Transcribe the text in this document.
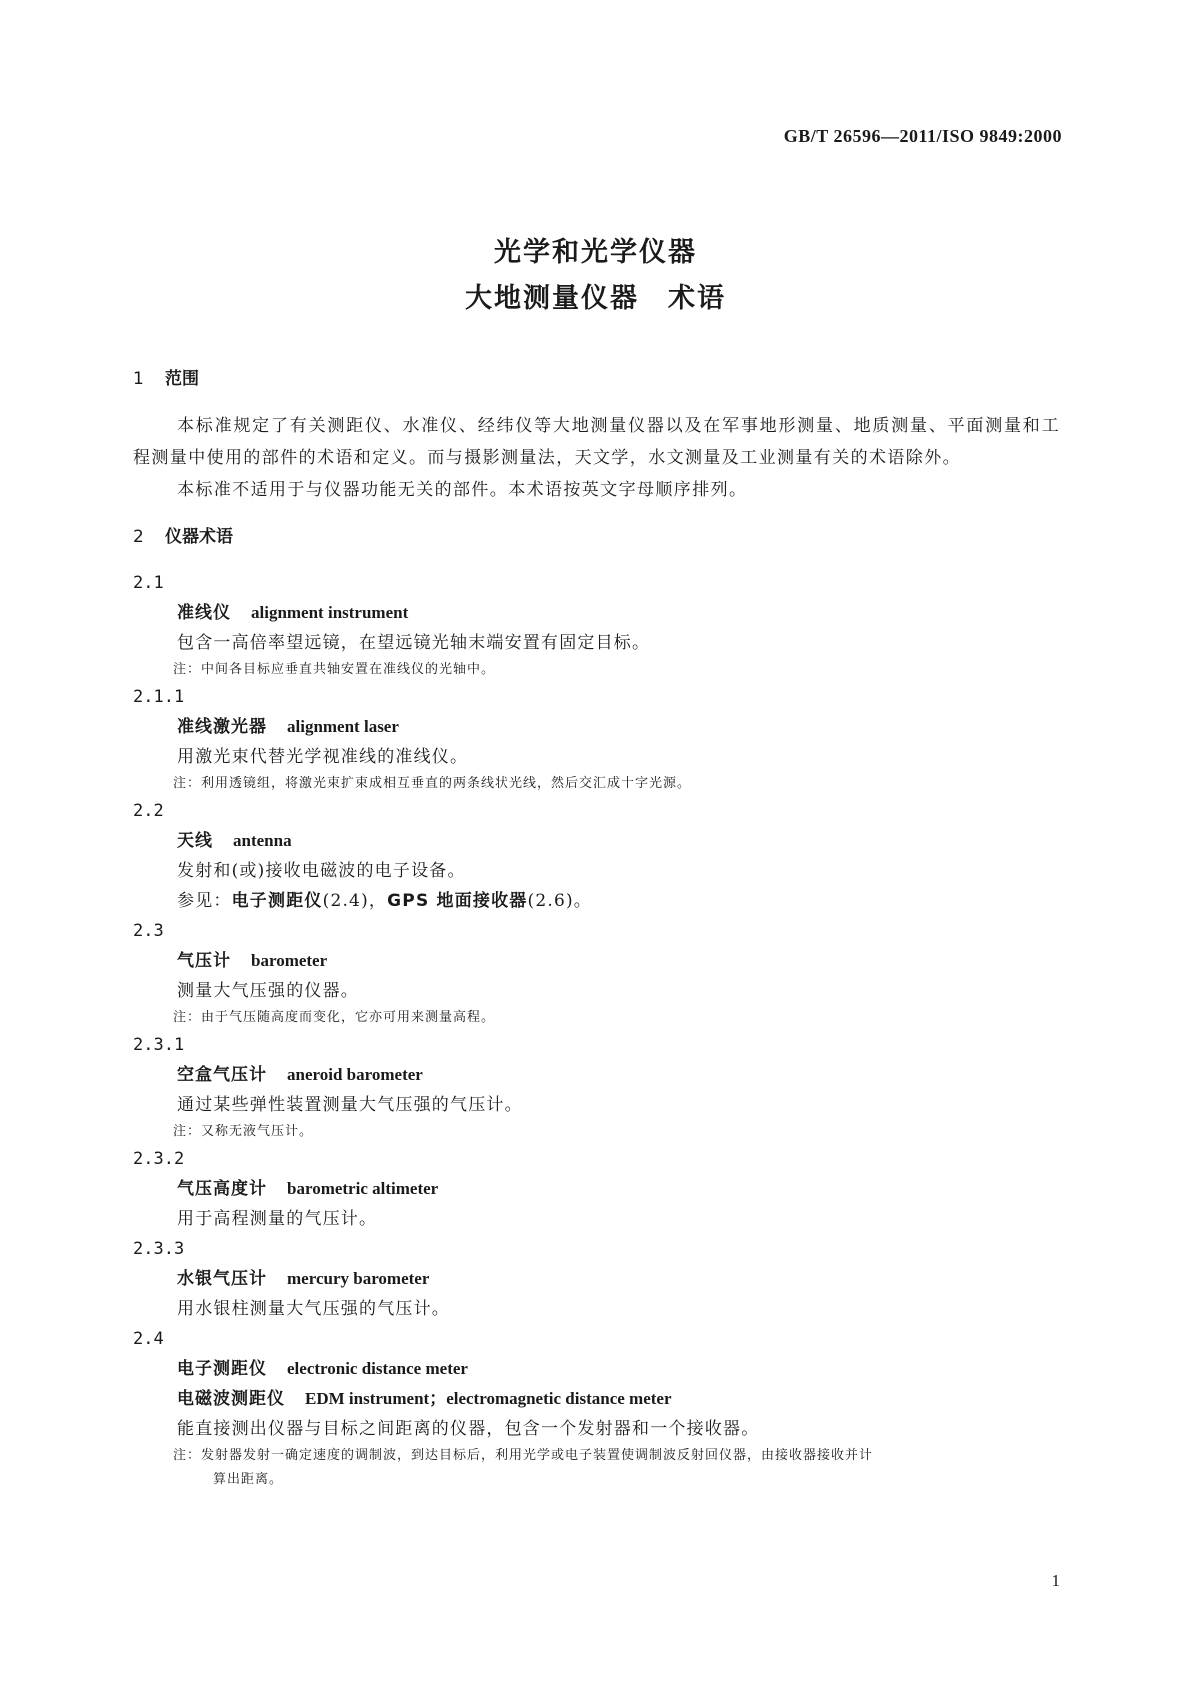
GB/T 26596—2011/ISO 9849:2000
光学和光学仪器
大地测量仪器　术语
1 范围

本标准规定了有关测距仪、水准仪、经纬仪等大地测量仪器以及在军事地形测量、地质测量、平面测量和工程测量中使用的部件的术语和定义。而与摄影测量法，天文学，水文测量及工业测量有关的术语除外。

本标准不适用于与仪器功能无关的部件。本术语按英文字母顺序排列。

2 仪器术语
2.1
准线仪 alignment instrument
包含一高倍率望远镜，在望远镜光轴末端安置有固定目标。
注：中间各目标应垂直共轴安置在准线仪的光轴中。
2.1.1
准线激光器 alignment laser
用激光束代替光学视准线的准线仪。
注：利用透镜组，将激光束扩束成相互垂直的两条线状光线，然后交汇成十字光源。
2.2
天线 antenna
发射和(或)接收电磁波的电子设备。
参见：电子测距仪(2.4)，GPS 地面接收器(2.6)。
2.3
气压计 barometer
测量大气压强的仪器。
注：由于气压随高度而变化，它亦可用来测量高程。
2.3.1
空盒气压计 aneroid barometer
通过某些弹性装置测量大气压强的气压计。
注：又称无液气压计。
2.3.2
气压高度计 barometric altimeter
用于高程测量的气压计。
2.3.3
水银气压计 mercury barometer
用水银柱测量大气压强的气压计。
2.4
电子测距仪 electronic distance meter
电磁波测距仪 EDM instrument；electromagnetic distance meter
能直接测出仪器与目标之间距离的仪器，包含一个发射器和一个接收器。
注：发射器发射一确定速度的调制波，到达目标后，利用光学或电子装置使调制波反射回仪器，由接收器接收并计
算出距离。
1
